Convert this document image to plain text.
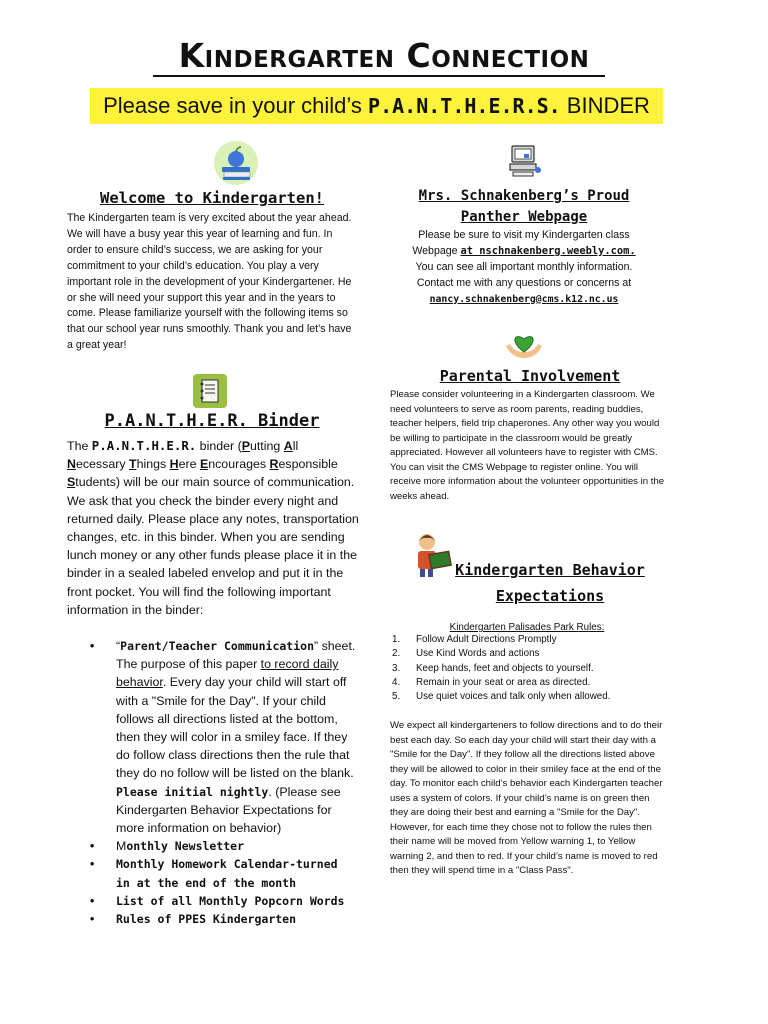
Kindergarten Connection
Please save in your child’s P.A.N.T.H.E.R.S. BINDER
Welcome to Kindergarten!
The Kindergarten team is very excited about the year ahead. We will have a busy year this year of learning and fun. In order to ensure child’s success, we are asking for your commitment to your child’s education. You play a very important role in the development of your Kindergartener. He or she will need your support this year and in the years to come. Please familiarize yourself with the following items so that our school year runs smoothly. Thank you and let’s have a great year!
P.A.N.T.H.E.R. Binder
The P.A.N.T.H.E.R. binder (Putting All Necessary Things Here Encourages Responsible Students) will be our main source of communication. We ask that you check the binder every night and returned daily. Please place any notes, transportation changes, etc. in this binder. When you are sending lunch money or any other funds please place it in the binder in a sealed labeled envelop and put it in the front pocket. You will find the following important information in the binder:
• “Parent/Teacher Communication” sheet. The purpose of this paper to record daily behavior. Every day your child will start off with a "Smile for the Day". If your child follows all directions listed at the bottom, then they will color in a smiley face. If they do follow class directions then the rule that they do no follow will be listed on the blank. Please initial nightly. (Please see Kindergarten Behavior Expectations for more information on behavior)
• Monthly Newsletter
• Monthly Homework Calendar-turned in at the end of the month
• List of all Monthly Popcorn Words
• Rules of PPES Kindergarten
Mrs. Schnakenberg’s Proud Panther Webpage
Please be sure to visit my Kindergarten class
Webpage at nschnakenberg.weebly.com.
You can see all important monthly information.
Contact me with any questions or concerns at
nancy.schnakenberg@cms.k12.nc.us
Parental Involvement
Please consider volunteering in a Kindergarten classroom. We need volunteers to serve as room parents, reading buddies, teacher helpers, field trip chaperones. Any other way you would be willing to participate in the classroom would be greatly appreciated. However all volunteers have to register with CMS. You can visit the CMS Webpage to register online. You will receive more information about the volunteer opportunities in the weeks ahead.
Kindergarten Behavior Expectations
Kindergarten Palisades Park Rules:
1. Follow Adult Directions Promptly
2. Use Kind Words and actions
3. Keep hands, feet and objects to yourself.
4. Remain in your seat or area as directed.
5. Use quiet voices and talk only when allowed.
We expect all kindergarteners to follow directions and to do their best each day. So each day your child will start their day with a "Smile for the Day". If they follow all the directions listed above they will be allowed to color in their smiley face at the end of the day. To monitor each child’s behavior each Kindergarten teacher uses a system of colors. If your child’s name is on green then they are doing their best and earning a "Smile for the Day". However, for each time they chose not to follow the rules then their name will be moved from Yellow warning 1, to Yellow warning 2, and then to red. If your child’s name is moved to red then they will spend time in a "Class Pass".
